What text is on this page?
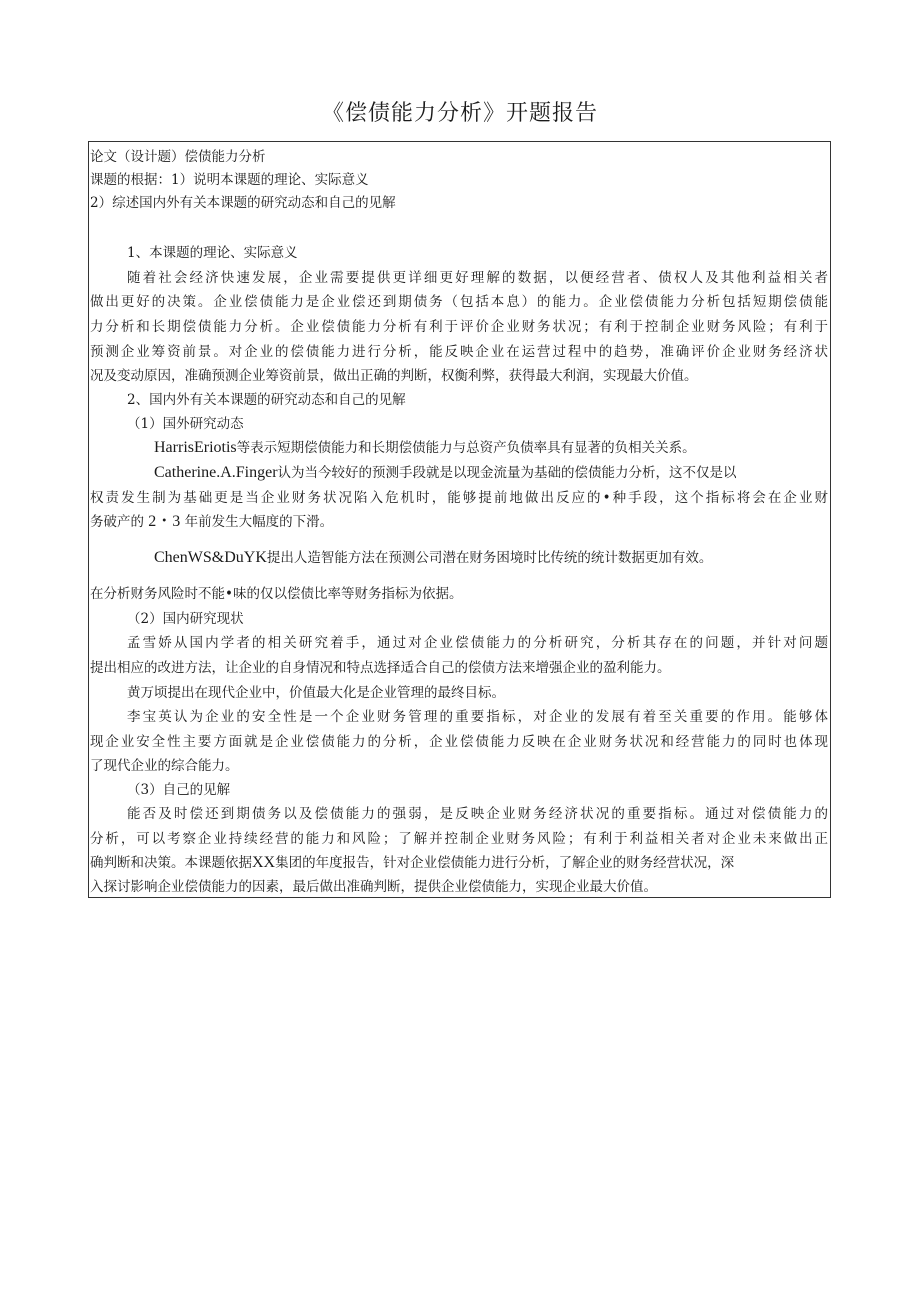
《偿债能力分析》开题报告
论文（设计题）偿债能力分析
课题的根据：1）说明本课题的理论、实际意义
2）综述国内外有关本课题的研究动态和自己的见解
1、本课题的理论、实际意义
随着社会经济快速发展，企业需要提供更详细更好理解的数据，以便经营者、债权人及其他利益相关者
做出更好的决策。企业偿债能力是企业偿还到期债务（包括本息）的能力。企业偿债能力分析包括短期偿债能
力分析和长期偿债能力分析。企业偿债能力分析有利于评价企业财务状况；有利于控制企业财务风险；有利于
预测企业筹资前景。对企业的偿债能力进行分析，能反映企业在运营过程中的趋势，准确评价企业财务经济状
况及变动原因，准确预测企业筹资前景，做出正确的判断，权衡利弊，获得最大利润，实现最大价值。
2、国内外有关本课题的研究动态和自己的见解
（1）国外研究动态
HarrisEriotis等表示短期偿债能力和长期偿债能力与总资产负债率具有显著的负相关关系。
Catherine.A.Finger认为当今较好的预测手段就是以现金流量为基础的偿债能力分析，这不仅是以
权责发生制为基础更是当企业财务状况陷入危机时，能够提前地做出反应的•种手段，这个指标将会在企业财
务破产的 2・3 年前发生大幅度的下滑。
ChenWS&DuYK提出人造智能方法在预测公司潜在财务困境时比传统的统计数据更加有效。
在分析财务风险时不能•味的仅以偿债比率等财务指标为依据。
（2）国内研究现状
孟雪娇从国内学者的相关研究着手，通过对企业偿债能力的分析研究，分析其存在的问题，并针对问题
提出相应的改进方法，让企业的自身情况和特点选择适合自己的偿债方法来增强企业的盈利能力。
黄万顷提出在现代企业中，价值最大化是企业管理的最终目标。
李宝英认为企业的安全性是一个企业财务管理的重要指标，对企业的发展有着至关重要的作用。能够体
现企业安全性主要方面就是企业偿债能力的分析，企业偿债能力反映在企业财务状况和经营能力的同时也体现
了现代企业的综合能力。
（3）自己的见解
能否及时偿还到期债务以及偿债能力的强弱，是反映企业财务经济状况的重要指标。通过对偿债能力的
分析，可以考察企业持续经营的能力和风险；了解并控制企业财务风险；有利于利益相关者对企业未来做出正
确判断和决策。本课题依据XX集团的年度报告，针对企业偿债能力进行分析，了解企业的财务经营状况，深
入探讨影响企业偿债能力的因素，最后做出准确判断，提供企业偿债能力，实现企业最大价值。
